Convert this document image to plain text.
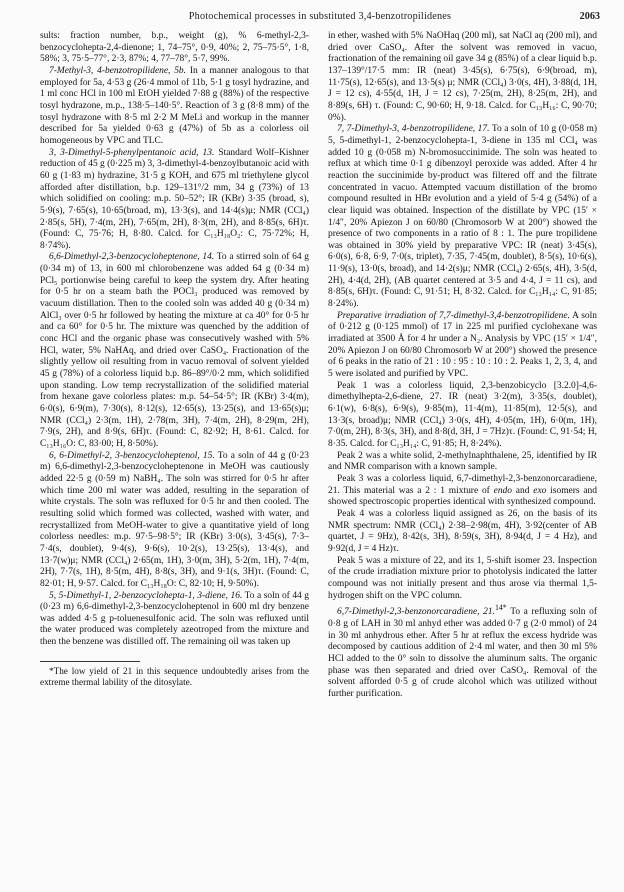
Photochemical processes in substituted 3,4-benzotropilidenes	2063

sults: fraction number, b.p., weight (g), % 6-methyl-2,3-benzocycloheptа-2,4-dienone; 1, 74–75°, 0·9, 40%; 2, 75–75·5°, 1·8, 58%; 3, 75·5–77°, 2·3, 87%; 4, 77–78°, 5·7, 99%.

7-Methyl-3, 4-benzotropilidene, 5b. In a manner analogous to that employed for 5a, 4·53 g (26·4 mmol of 11b, 5·1 g tosyl hydrazine, and 1 ml conc HCl in 100 ml EtOH yielded 7·88 g (88%) of the respective tosyl hydrazone, m.p., 138·5–140·5°. Reaction of 3 g (8·8 mm) of the tosyl hydrazone with 8·5 ml 2·2 M MeLi and workup in the manner described for 5a yielded 0·63 g (47%) of 5b as a colorless oil homogeneous by VPC and TLC.

3, 3-Dimethyl-5-phenylpentanoic acid, 13. Standard Wolf–Kishner reduction of 45 g (0·225 m) 3, 3-dimethyl-4-benzoylbutanoic acid with 60 g (1·83 m) hydrazine, 31·5 g KOH, and 675 ml triethylene glycol afforded after distillation, b.p. 129–131°/2 mm, 34 g (73%) of 13 which solidified on cooling: m.p. 50–52°; IR (KBr) 3·35 (broad, s), 5·9(s), 7·65(s), 10·65(broad, m), 13·3(s), and 14·4(s)μ; NMR (CCl₄) 2·85(s, 5H), 7·4(m, 2H), 7·65(m, 2H), 8·3(m, 2H), and 8·85(s, 6H)τ. (Found: C, 75·76; H, 8·80. Calcd. for C₁₃H₁₈O₂: C, 75·72%; H, 8·74%).

6,6-Dimethyl-2,3-benzocycloheptenone, 14. To a stirred soln of 64 g (0·34 m) of 13, in 600 ml chlorobenzene was added 64 g (0·34 m) PCl₅ portionwise being careful to keep the system dry. After heating for 0·5 hr on a steam bath the POCl₃ produced was removed by vacuum distillation. Then to the cooled soln was added 40 g (0·34 m) AlCl₃ over 0·5 hr followed by heating the mixture at ca 40° for 0·5 hr and ca 60° for 0·5 hr. The mixture was quenched by the addition of conc HCl and the organic phase was consecutively washed with 5% HCl, water, 5% NaHAq, and dried over CaSO₄. Fractionation of the slightly yellow oil resulting from in vacuo removal of solvent yielded 45 g (78%) of a colorless liquid b.p. 86–89°/0·2 mm, which solidified upon standing. Low temp recrystallization of the solidified material from hexane gave colorless plates: m.p. 54–54·5°; IR (KBr) 3·4(m), 6·0(s), 6·9(m), 7·30(s), 8·12(s), 12·65(s), 13·25(s), and 13·65(s)μ; NMR (CCl₄) 2·3(m, 1H), 2·78(m, 3H), 7·4(m, 2H), 8·29(m, 2H), 7·9(s, 2H), and 8·9(s, 6H)τ. (Found: C, 82·92; H, 8·61. Calcd. for C₁₃H₁₆O: C, 83·00; H, 8·50%).

6, 6-Dimethyl-2, 3-benzocycloheptenol, 15. To a soln of 44 g (0·23 m) 6,6-dimethyl-2,3-benzocycloheptenone in MeOH was cautiously added 22·5 g (0·59 m) NaBH₄. The soln was stirred for 0·5 hr after which time 200 ml water was added, resulting in the separation of white crystals. The soln was refluxed for 0·5 hr and then cooled. The resulting solid which formed was collected, washed with water, and recrystallized from MeOH-water to give a quantitative yield of long colorless needles: m.p. 97·5–98·5°; IR (KBr) 3·0(s), 3·45(s), 7·3–7·4(s, doublet), 9·4(s), 9·6(s), 10·2(s), 13·25(s), 13·4(s), and 13·7(w)μ; NMR (CCl₄) 2·65(m, 1H), 3·0(m, 3H), 5·2(m, 1H), 7·4(m, 2H), 7·7(s, 1H), 8·5(m, 4H), 8·8(s, 3H), and 9·1(s, 3H)τ. (Found: C, 82·01; H, 9·57. Calcd. for C₁₃H₁₈O: C, 82·10; H, 9·50%).

5, 5-Dimethyl-1, 2-benzocyclohepta-1, 3-diene, 16. To a soln of 44 g (0·23 m) 6,6-dimethyl-2,3-benzocycloheptenol in 600 ml dry benzene was added 4·5 g p-toluenesulfonic acid. The soln was refluxed until the water produced was completely azeotroped from the mixture and then the benzene was distilled off. The remaining oil was taken up

*The low yield of 21 in this sequence undoubtedly arises from the extreme thermal lability of the ditosylate.

in ether, washed with 5% NaOHaq (200 ml), sat NaCl aq (200 ml), and dried over CaSO₄. After the solvent was removed in vacuo, fractionation of the remaining oil gave 34 g (85%) of a clear liquid b.p. 137–139°/17·5 mm: IR (neat) 3·45(s), 6·75(s), 6·9(broad, m), 11·75(s), 12·65(s), and 13·5(s) μ; NMR (CCl₄) 3·0(s, 4H), 3·88(d, 1H, J = 12 cs), 4·55(d, 1H, J = 12 cs), 7·25(m, 2H), 8·25(m, 2H), and 8·89(s, 6H) τ. (Found: C, 90·60; H, 9·18. Calcd. for C₁₃H₁₆: C, 90·70; 0%).

7, 7-Dimethyl-3, 4-benzotropilidene, 17. To a soln of 10 g (0·058 m) 5, 5-dimethyl-1, 2-benzocyclohepta-1, 3-diene in 135 ml CCl₄ was added 10 g (0·058 m) N-bromosuccinimide. The soln was heated to reflux at which time 0·1 g dibenzoyl peroxide was added. After 4 hr reaction the succinimide by-product was filtered off and the filtrate concentrated in vacuo. Attempted vacuum distillation of the bromo compound resulted in HBr evolution and a yield of 5·4 g (54%) of a clear liquid was obtained. Inspection of the distillate by VPC (15′ × 1/4″, 20% Apiezon J on 60/80 (Chromosorb W at 200°) showed the presence of two components in a ratio of 8 : 1. The pure tropilidene was obtained in 30% yield by preparative VPC: IR (neat) 3·45(s), 6·0(s), 6·8, 6·9, 7·0(s, triplet), 7·35, 7·45(m, doublet), 8·5(s), 10·6(s), 11·9(s), 13·0(s, broad), and 14·2(s)μ; NMR (CCl₄) 2·65(s, 4H), 3·5(d, 2H), 4·4(d, 2H), (AB quartet centered at 3·5 and 4·4, J = 11 cs), and 8·85(s, 6H)τ. (Found: C, 91·51; H, 8·32. Calcd. for C₁₃H₁₄: C, 91·85; 8·24%).

Preparative irradiation of 7,7-dimethyl-3,4-benzotropilidene. A soln of 0·212 g (0·125 mmol) of 17 in 225 ml purified cyclohexane was irradiated at 3500 Å for 4 hr under a N₂. Analysis by VPC (15′ × 1/4″, 20% Apiezon J on 60/80 Chromosorb W at 200°) showed the presence of 6 peaks in the ratio of 21 : 10 : 95 : 10 : 10 : 2. Peaks 1, 2, 3, 4, and 5 were isolated and purified by VPC.

Peak 1 was a colorless liquid, 2,3-benzobicyclo [3.2.0]-4,6-dimethylhepta-2,6-diene, 27. IR (neat) 3·2(m), 3·35(s, doublet), 6·1(w), 6·8(s), 6·9(s), 9·85(m), 11·4(m), 11·85(m), 12·5(s), and 13·3(s, broad)μ; NMR (CCl₄) 3·0(s, 4H), 4·05(m, 1H), 6·0(m, 1H), 7·0(m, 2H), 8·3(s, 3H), and 8·8(d, 3H, J = 7Hz)τ. (Found: C, 91·54; H, 8·35. Calcd. for C₁₃H₁₄: C, 91·85; H, 8·24%).

Peak 2 was a white solid, 2-methylnaphthalene, 25, identified by IR and NMR comparison with a known sample.

Peak 3 was a colorless liquid, 6,7-dimethyl-2,3-benzonorcaradiene, 21. This material was a 2 : 1 mixture of endo and exo isomers and showed spectroscopic properties identical with synthesized compound.

Peak 4 was a colorless liquid assigned as 26, on the basis of its NMR spectrum: NMR (CCl₄) 2·38–2·98(m, 4H), 3·92(center of AB quartet, J = 9Hz), 8·42(s, 3H), 8·59(s, 3H), 8·94(d, J = 4 Hz), and 9·92(d, J = 4 Hz)τ.

Peak 5 was a mixture of 22, and its 1, 5-shift isomer 23. Inspection of the crude irradiation mixture prior to photolysis indicated the latter compound was not initially present and thus arose via thermal 1,5-hydrogen shift on the VPC column.

6,7-Dimethyl-2,3-benzonorcaradiene, 21.$^{14*}$ To a refluxing soln of 0·8 g of LAH in 30 ml anhyd ether was added 0·7 g (2·0 mmol) of 24 in 30 ml anhydrous ether. After 5 hr at reflux the excess hydride was decomposed by cautious addition of 2·4 ml water, and then 30 ml 5% HCl added to the 0° soln to dissolve the aluminum salts. The organic phase was then separated and dried over CaSO₄. Removal of the solvent afforded 0·5 g of crude alcohol which was utilized without further purification.
